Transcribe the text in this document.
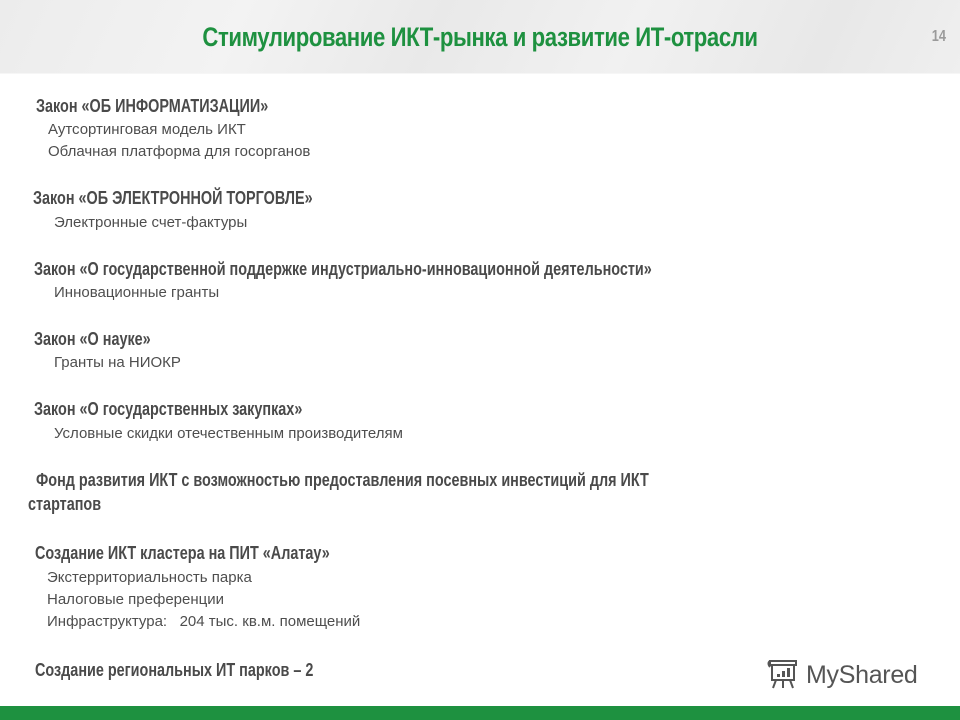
Стимулирование ИКТ-рынка и развитие ИТ-отрасли	14
Закон «ОБ ИНФОРМАТИЗАЦИИ»
Аутсортинговая модель ИКТ
Облачная платформа для госорганов
Закон «ОБ ЭЛЕКТРОННОЙ ТОРГОВЛЕ»
Электронные счет-фактуры
Закон «О государственной поддержке индустриально-инновационной деятельности»
Инновационные гранты
Закон «О науке»
Гранты на НИОКР
Закон «О государственных закупках»
Условные скидки отечественным производителям
Фонд развития ИКТ с возможностью предоставления посевных инвестиций для ИКТ
стартапов
Создание ИКТ кластера на ПИТ «Алатау»
Экстерриториальность парка
Налоговые преференции
Инфраструктура:   204 тыс. кв.м. помещений
Создание региональных ИТ парков – 2	MyShared
